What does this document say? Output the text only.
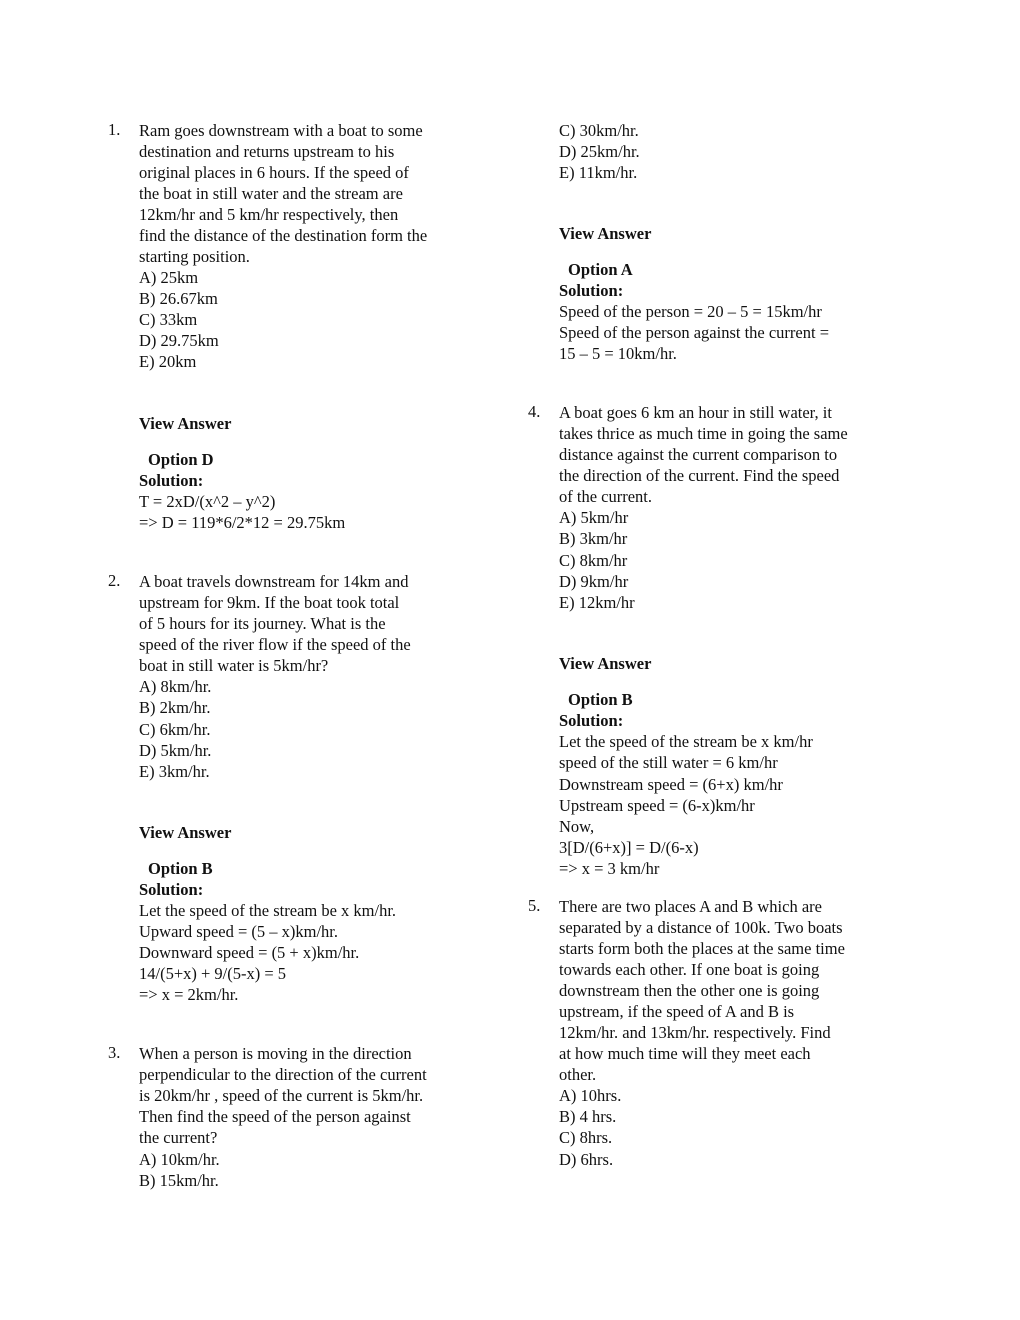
1. Ram goes downstream with a boat to some
destination and returns upstream to his
original places in 6 hours. If the speed of
the boat in still water and the stream are
12km/hr and 5 km/hr respectively, then
find the distance of the destination form the
starting position.
A) 25km
B) 26.67km
C) 33km
D) 29.75km
E) 20km
View Answer
Option D
Solution:
T = 2xD/(x^2 – y^2)
=> D = 119*6/2*12 = 29.75km
2. A boat travels downstream for 14km and
upstream for 9km. If the boat took total
of 5 hours for its journey. What is the
speed of the river flow if the speed of the
boat in still water is 5km/hr?
A) 8km/hr.
B) 2km/hr.
C) 6km/hr.
D) 5km/hr.
E) 3km/hr.
View Answer
Option B
Solution:
Let the speed of the stream be x km/hr.
Upward speed = (5 – x)km/hr.
Downward speed = (5 + x)km/hr.
14/(5+x) + 9/(5-x) = 5
=> x = 2km/hr.
3. When a person is moving in the direction
perpendicular to the direction of the current
is 20km/hr , speed of the current is 5km/hr.
Then find the speed of the person against
the current?
A) 10km/hr.
B) 15km/hr.
C) 30km/hr.
D) 25km/hr.
E) 11km/hr.
View Answer
Option A
Solution:
Speed of the person = 20 – 5 = 15km/hr
Speed of the person against the current =
15 – 5 = 10km/hr.
4. A boat goes 6 km an hour in still water, it
takes thrice as much time in going the same
distance against the current comparison to
the direction of the current. Find the speed
of the current.
A) 5km/hr
B) 3km/hr
C) 8km/hr
D) 9km/hr
E) 12km/hr
View Answer
Option B
Solution:
Let the speed of the stream be x km/hr
speed of the still water = 6 km/hr
Downstream speed = (6+x) km/hr
Upstream speed = (6-x)km/hr
Now,
3[D/(6+x)] = D/(6-x)
=> x = 3 km/hr
5. There are two places A and B which are
separated by a distance of 100k. Two boats
starts form both the places at the same time
towards each other. If one boat is going
downstream then the other one is going
upstream, if the speed of A and B is
12km/hr. and 13km/hr. respectively. Find
at how much time will they meet each
other.
A) 10hrs.
B) 4 hrs.
C) 8hrs.
D) 6hrs.
